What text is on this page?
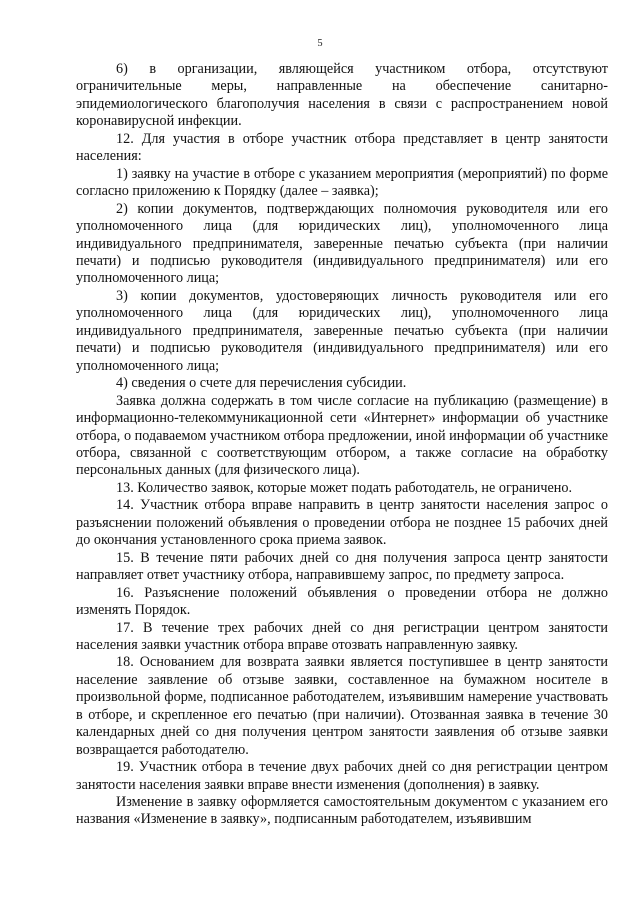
5

6) в организации, являющейся участником отбора, отсутствуют ограничительные меры, направленные на обеспечение санитарно-эпидемиологического благополучия населения в связи с распространением новой коронавирусной инфекции.

12. Для участия в отборе участник отбора представляет в центр занятости населения:

1) заявку на участие в отборе с указанием мероприятия (мероприятий) по форме согласно приложению к Порядку (далее – заявка);

2) копии документов, подтверждающих полномочия руководителя или его уполномоченного лица (для юридических лиц), уполномоченного лица индивидуального предпринимателя, заверенные печатью субъекта (при наличии печати) и подписью руководителя (индивидуального предпринимателя) или его уполномоченного лица;

3) копии документов, удостоверяющих личность руководителя или его уполномоченного лица (для юридических лиц), уполномоченного лица индивидуального предпринимателя, заверенные печатью субъекта (при наличии печати) и подписью руководителя (индивидуального предпринимателя) или его уполномоченного лица;

4) сведения о счете для перечисления субсидии.

Заявка должна содержать в том числе согласие на публикацию (размещение) в информационно-телекоммуникационной сети «Интернет» информации об участнике отбора, о подаваемом участником отбора предложении, иной информации об участнике отбора, связанной с соответствующим отбором, а также согласие на обработку персональных данных (для физического лица).

13. Количество заявок, которые может подать работодатель, не ограничено.

14. Участник отбора вправе направить в центр занятости населения запрос о разъяснении положений объявления о проведении отбора не позднее 15 рабочих дней до окончания установленного срока приема заявок.

15. В течение пяти рабочих дней со дня получения запроса центр занятости направляет ответ участнику отбора, направившему запрос, по предмету запроса.

16. Разъяснение положений объявления о проведении отбора не должно изменять Порядок.

17. В течение трех рабочих дней со дня регистрации центром занятости населения заявки участник отбора вправе отозвать направленную заявку.

18. Основанием для возврата заявки является поступившее в центр занятости население заявление об отзыве заявки, составленное на бумажном носителе в произвольной форме, подписанное работодателем, изъявившим намерение участвовать в отборе, и скрепленное его печатью (при наличии). Отозванная заявка в течение 30 календарных дней со дня получения центром занятости заявления об отзыве заявки возвращается работодателю.

19. Участник отбора в течение двух рабочих дней со дня регистрации центром занятости населения заявки вправе внести изменения (дополнения) в заявку.

Изменение в заявку оформляется самостоятельным документом с указанием его названия «Изменение в заявку», подписанным работодателем, изъявившим
